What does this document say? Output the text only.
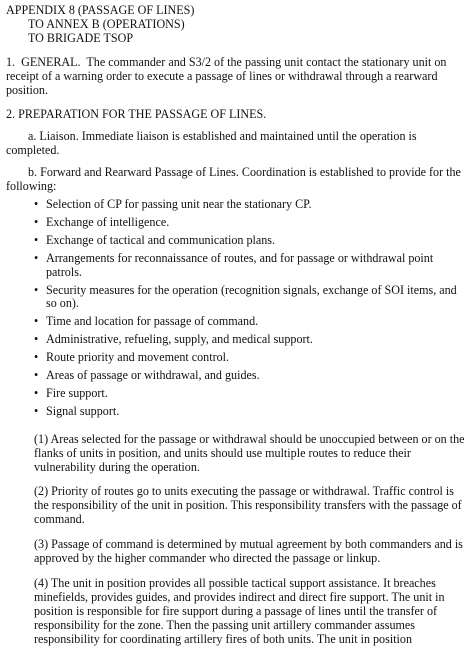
APPENDIX 8 (PASSAGE OF LINES)
TO ANNEX B (OPERATIONS)
TO BRIGADE TSOP

1. GENERAL. The commander and S3/2 of the passing unit contact the stationary unit on receipt of a warning order to execute a passage of lines or withdrawal through a rearward position.

2. PREPARATION FOR THE PASSAGE OF LINES.

a. Liaison. Immediate liaison is established and maintained until the operation is completed.

b. Forward and Rearward Passage of Lines. Coordination is established to provide for the following:

• Selection of CP for passing unit near the stationary CP.
• Exchange of intelligence.
• Exchange of tactical and communication plans.
• Arrangements for reconnaissance of routes, and for passage or withdrawal point patrols.
• Security measures for the operation (recognition signals, exchange of SOI items, and so on).
• Time and location for passage of command.
• Administrative, refueling, supply, and medical support.
• Route priority and movement control.
• Areas of passage or withdrawal, and guides.
• Fire support.
• Signal support.

(1) Areas selected for the passage or withdrawal should be unoccupied between or on the flanks of units in position, and units should use multiple routes to reduce their vulnerability during the operation.

(2) Priority of routes go to units executing the passage or withdrawal. Traffic control is the responsibility of the unit in position. This responsibility transfers with the passage of command.

(3) Passage of command is determined by mutual agreement by both commanders and is approved by the higher commander who directed the passage or linkup.

(4) The unit in position provides all possible tactical support assistance. It breaches minefields, provides guides, and provides indirect and direct fire support. The unit in position is responsible for fire support during a passage of lines until the transfer of responsibility for the zone. Then the passing unit artillery commander assumes responsibility for coordinating artillery fires of both units. The unit in position
